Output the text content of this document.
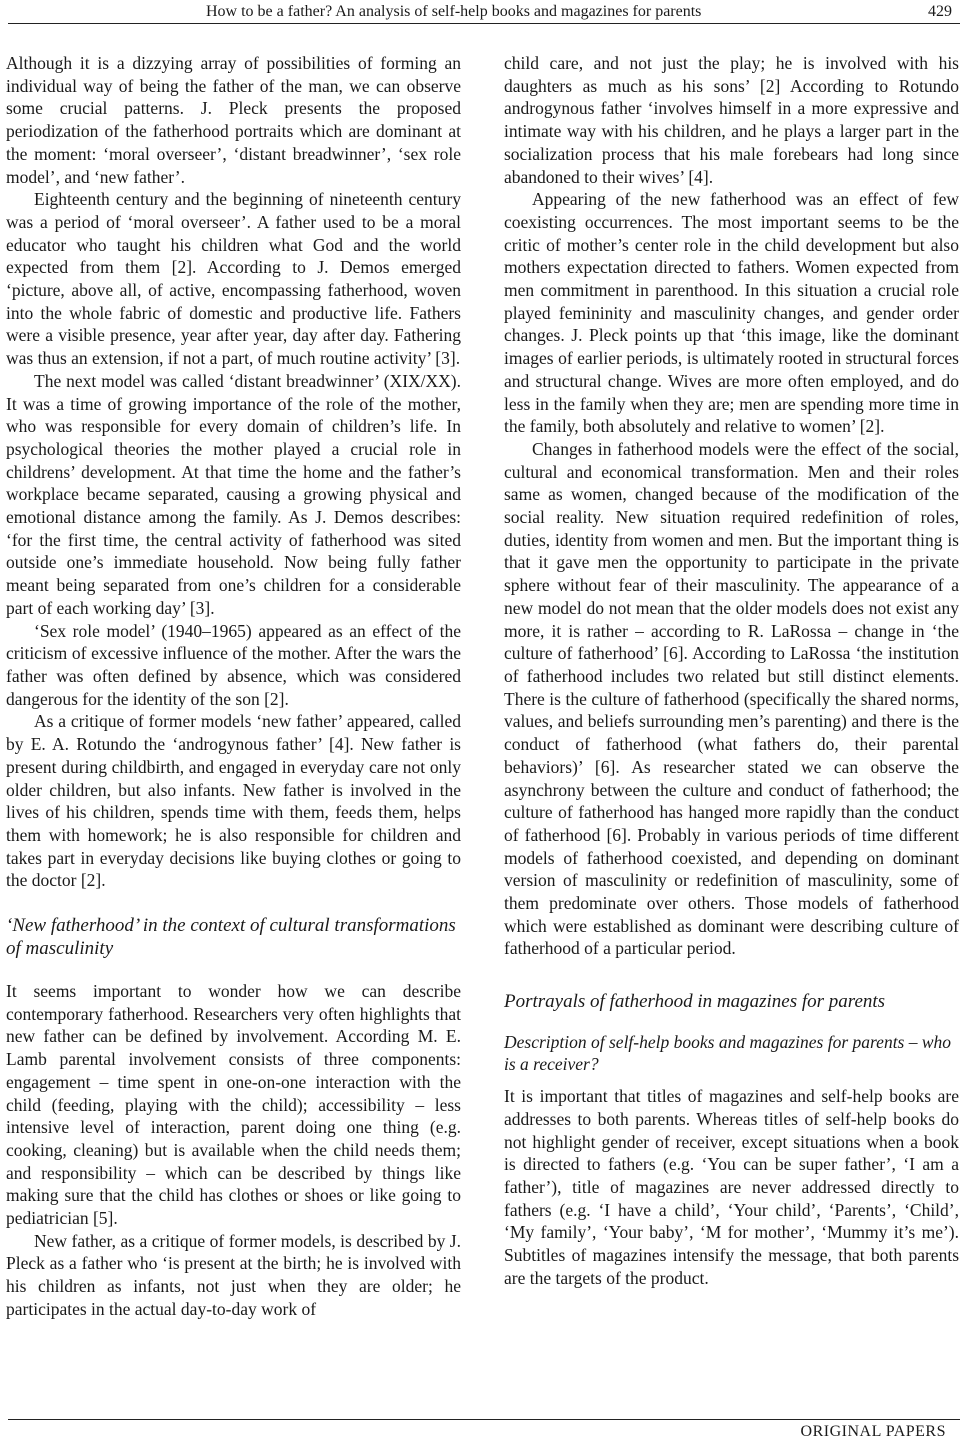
How to be a father? An analysis of self-help books and magazines for parents	429

Although it is a dizzying array of possibilities of forming an individual way of being the father of the man, we can observe some crucial patterns. J. Pleck presents the proposed periodization of the fatherhood portraits which are dominant at the moment: ‘moral overseer’, ‘distant breadwinner’, ‘sex role model’, and ‘new father’.

Eighteenth century and the beginning of nineteenth century was a period of ‘moral overseer’. A father used to be a moral educator who taught his children what God and the world expected from them [2]. According to J. Demos emerged ‘picture, above all, of active, encompassing fatherhood, woven into the whole fabric of domestic and productive life. Fathers were a visible presence, year after year, day after day. Fathering was thus an extension, if not a part, of much routine activity’ [3].

The next model was called ‘distant breadwinner’ (XIX/XX). It was a time of growing importance of the role of the mother, who was responsible for every domain of children’s life. In psychological theories the mother played a crucial role in childrens’ development. At that time the home and the father’s workplace became separated, causing a growing physical and emotional distance among the family. As J. Demos describes: ‘for the first time, the central activity of fatherhood was sited outside one’s immediate household. Now being fully father meant being separated from one’s children for a considerable part of each working day’ [3].

‘Sex role model’ (1940–1965) appeared as an effect of the criticism of excessive influence of the mother. After the wars the father was often defined by absence, which was considered dangerous for the identity of the son [2].

As a critique of former models ‘new father’ appeared, called by E. A. Rotundo the ‘androgynous father’ [4]. New father is present during childbirth, and engaged in everyday care not only older children, but also infants. New father is involved in the lives of his children, spends time with them, feeds them, helps them with homework; he is also responsible for children and takes part in everyday decisions like buying clothes or going to the doctor [2].

‘New fatherhood’ in the context of cultural transformations of masculinity

It seems important to wonder how we can describe contemporary fatherhood. Researchers very often highlights that new father can be defined by involvement. According M. E. Lamb parental involvement consists of three components: engagement – time spent in one-on-one interaction with the child (feeding, playing with the child); accessibility – less intensive level of interaction, parent doing one thing (e.g. cooking, cleaning) but is available when the child needs them; and responsibility – which can be described by things like making sure that the child has clothes or shoes or like going to pediatrician [5].

New father, as a critique of former models, is described by J. Pleck as a father who ‘is present at the birth; he is involved with his children as infants, not just when they are older; he participates in the actual day-to-day work of

child care, and not just the play; he is involved with his daughters as much as his sons’ [2] According to Rotundo androgynous father ‘involves himself in a more expressive and intimate way with his children, and he plays a larger part in the socialization process that his male forebears had long since abandoned to their wives’ [4].

Appearing of the new fatherhood was an effect of few coexisting occurrences. The most important seems to be the critic of mother’s center role in the child development but also mothers expectation directed to fathers. Women expected from men commitment in parenthood. In this situation a crucial role played femininity and masculinity changes, and gender order changes. J. Pleck points up that ‘this image, like the dominant images of earlier periods, is ultimately rooted in structural forces and structural change. Wives are more often employed, and do less in the family when they are; men are spending more time in the family, both absolutely and relative to women’ [2].

Changes in fatherhood models were the effect of the social, cultural and economical transformation. Men and their roles same as women, changed because of the modification of the social reality. New situation required redefinition of roles, duties, identity from women and men. But the important thing is that it gave men the opportunity to participate in the private sphere without fear of their masculinity. The appearance of a new model do not mean that the older models does not exist any more, it is rather – according to R. LaRossa – change in ‘the culture of fatherhood’ [6]. According to LaRossa ‘the institution of fatherhood includes two related but still distinct elements. There is the culture of fatherhood (specifically the shared norms, values, and beliefs surrounding men’s parenting) and there is the conduct of fatherhood (what fathers do, their parental behaviors)’ [6]. As researcher stated we can observe the asynchrony between the culture and conduct of fatherhood; the culture of fatherhood has hanged more rapidly than the conduct of fatherhood [6]. Probably in various periods of time different models of fatherhood coexisted, and depending on dominant version of masculinity or redefinition of masculinity, some of them predominate over others. Those models of fatherhood which were established as dominant were describing culture of fatherhood of a particular period.

Portrayals of fatherhood in magazines for parents
Description of self-help books and magazines for parents – who is a receiver?

It is important that titles of magazines and self-help books are addresses to both parents. Whereas titles of self-help books do not highlight gender of receiver, except situations when a book is directed to fathers (e.g. ‘You can be super father’, ‘I am a father’), title of magazines are never addressed directly to fathers (e.g. ‘I have a child’, ‘Your child’, ‘Parents’, ‘Child’, ‘My family’, ‘Your baby’, ‘M for mother’, ‘Mummy it’s me’). Subtitles of magazines intensify the message, that both parents are the targets of the product.

ORIGINAL PAPERS
